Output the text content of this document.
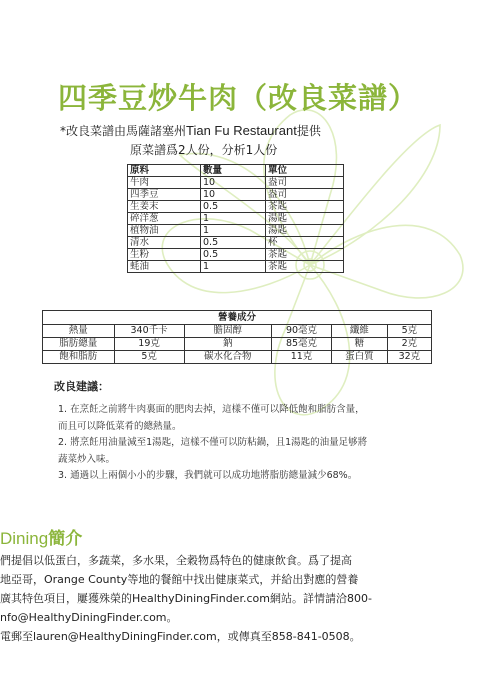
四季豆炒牛肉（改良菜譜）
*改良菜譜由馬薩諸塞州Tian Fu Restaurant提供
原菜譜爲2人份，分析1人份
原料	數量	單位
牛肉	10	盎司
四季豆	10	盎司
生姜末	0.5	茶匙
碎洋葱	1	湯匙
植物油	1	湯匙
清水	0.5	杯
生粉	0.5	茶匙
蚝油	1	茶匙
營養成分					
熱量	340千卡	膽固醇	90毫克	纖維	5克
脂肪總量	19克	鈉	85毫克	糖	2克
飽和脂肪	5克	碳水化合物	11克	蛋白質	32克
改良建議：

1. 在烹飪之前將牛肉裏面的肥肉去掉，這樣不僅可以降低飽和脂肪含量，

而且可以降低菜肴的總熱量。

2. 將烹飪用油量減至1湯匙，這樣不僅可以防粘鍋，且1湯匙的油量足够將

蔬菜炒入味。

3. 通過以上兩個小小的步驟，我們就可以成功地將脂肪總量減少68%。

Dining簡介

們提倡以低蛋白，多蔬菜，多水果，全穀物爲特色的健康飲食。爲了提高

地亞哥，Orange County等地的餐館中找出健康菜式，并給出對應的營養

廣其特色項目，屢獲殊榮的HealthyDiningFinder.com網站。詳情請洽800-

nfo@HealthyDiningFinder.com。

電郵至lauren@HealthyDiningFinder.com，或傳真至858-841-0508。
